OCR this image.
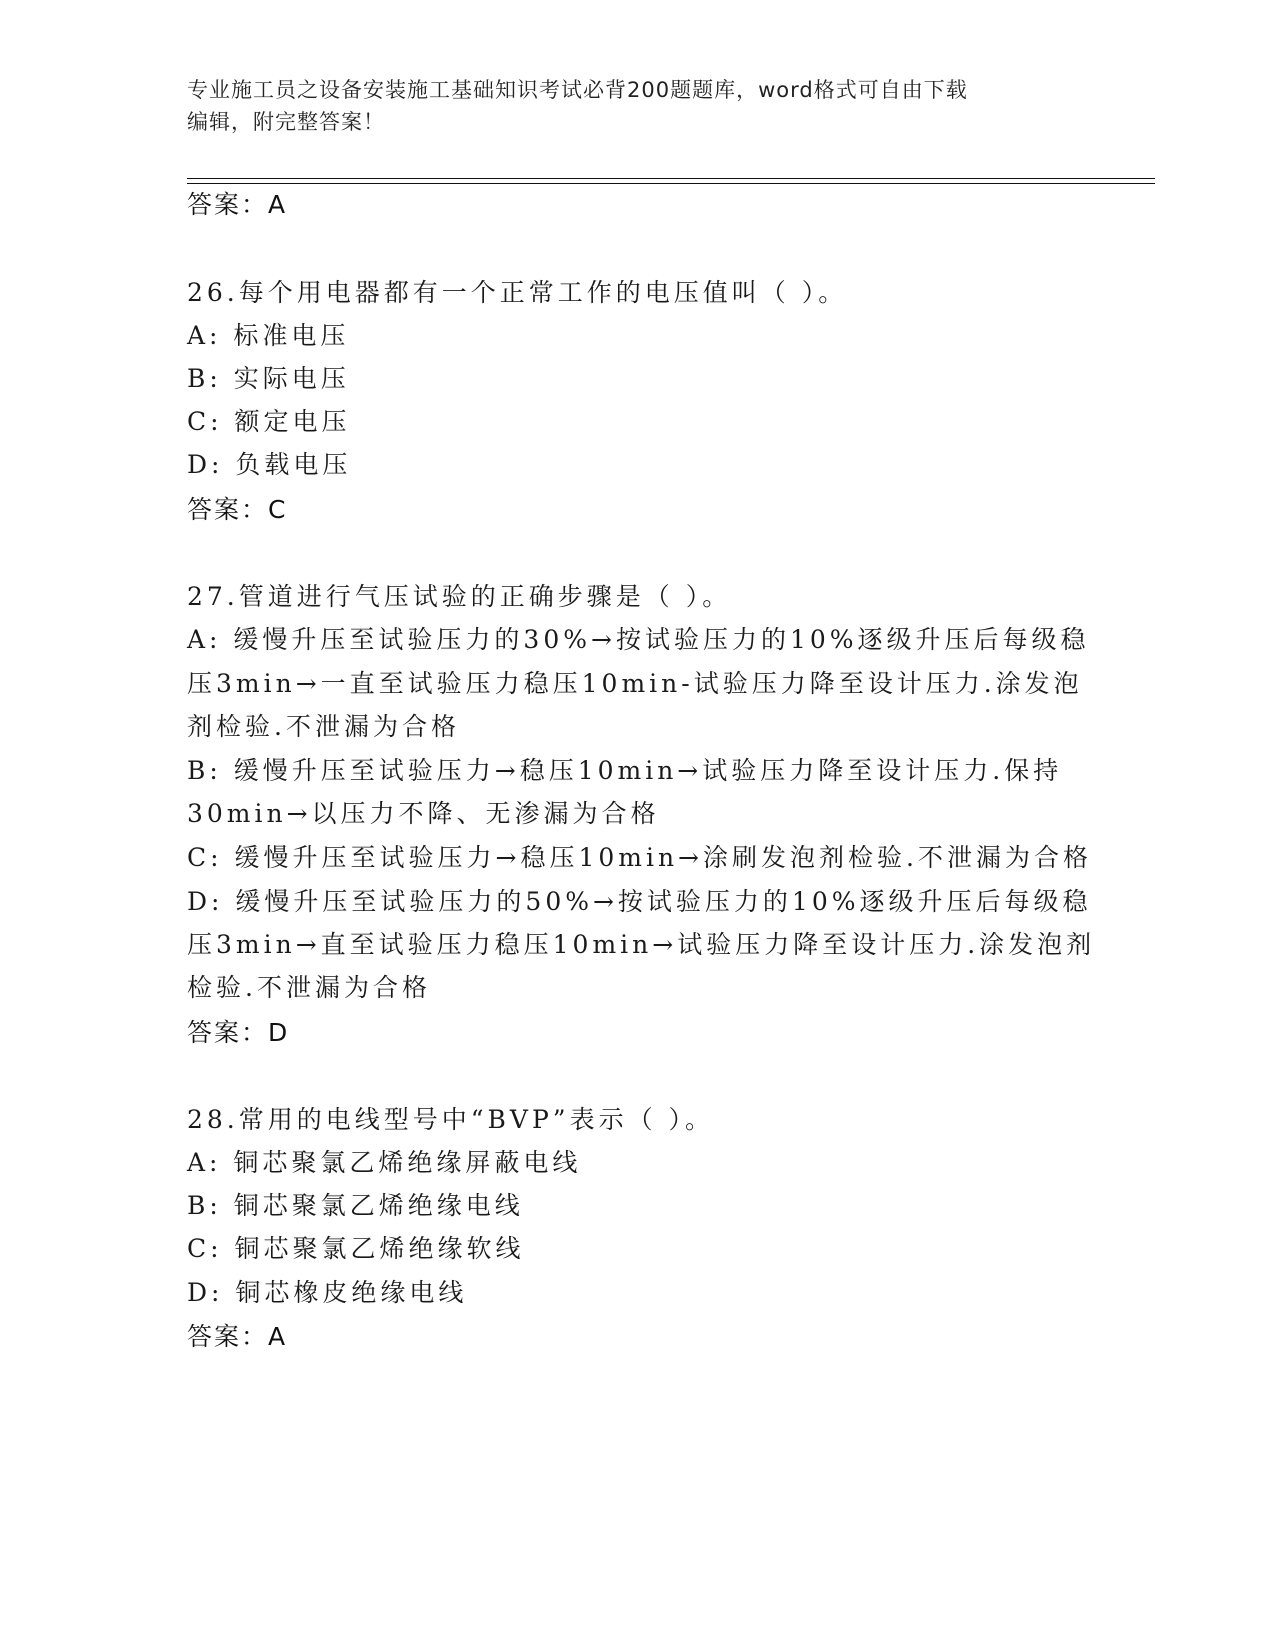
专业施工员之设备安装施工基础知识考试必背200题题库，word格式可自由下载
编辑，附完整答案！
答案：A
26.每个用电器都有一个正常工作的电压值叫（ ）。
A: 标准电压
B: 实际电压
C: 额定电压
D: 负载电压
答案：C
27.管道进行气压试验的正确步骤是（ ）。
A: 缓慢升压至试验压力的30%→按试验压力的10%逐级升压后每级稳
压3min→一直至试验压力稳压10min-试验压力降至设计压力.涂发泡
剂检验.不泄漏为合格
B: 缓慢升压至试验压力→稳压10min→试验压力降至设计压力.保持
30min→以压力不降、无渗漏为合格
C: 缓慢升压至试验压力→稳压10min→涂刷发泡剂检验.不泄漏为合格
D: 缓慢升压至试验压力的50%→按试验压力的10%逐级升压后每级稳
压3min→直至试验压力稳压10min→试验压力降至设计压力.涂发泡剂
检验.不泄漏为合格
答案：D
28.常用的电线型号中“BVP”表示（ ）。
A: 铜芯聚氯乙烯绝缘屏蔽电线
B: 铜芯聚氯乙烯绝缘电线
C: 铜芯聚氯乙烯绝缘软线
D: 铜芯橡皮绝缘电线
答案：A
